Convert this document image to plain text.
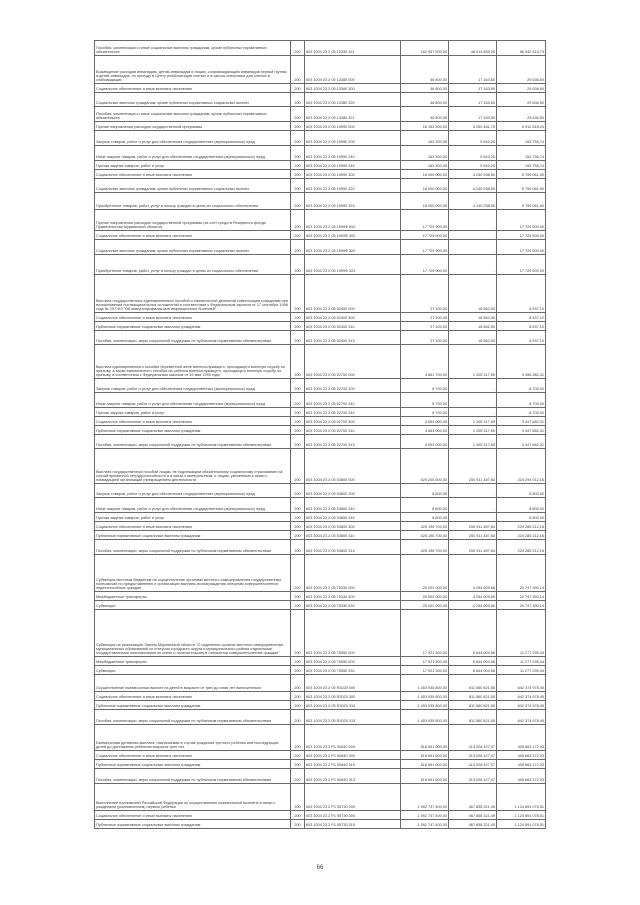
Пособия, компенсации и иные социальные выплаты гражданам, кроме публичных нормативных обязательств	200	603 1004 23 2 05 13330 321	162 957 500,00	48 014 855,26	56 942 514,74
Возмещение расходов инвалидам, детям-инвалидам и лицам, сопровождающим инвалидов первой группы и детей-инвалидов, по проезду в Центр реабилитации слепых и в школы-интернаты для слепых и слабовидящих	200	603 1004 23 2 05 13380 000	46 800,00	17 163,50	29 636,50
Социальное обеспечение и иные выплаты населению	200	603 1004 23 2 05 13380 300	46 800,00	17 163,50	29 636,50
Социальные выплаты гражданам, кроме публичных нормативных социальных выплат	200	603 1004 23 2 05 13380 320	46 800,00	17 163,50	29 636,50
Пособия, компенсации и иные социальные выплаты гражданам, кроме публичных нормативных обязательств	200	603 1004 23 2 05 13380 321	46 800,00	17 163,50	29 636,50
Прочие направления расходов государственной программы	200	603 1004 23 2 05 19990 000	18 163 300,00	4 250 481,76	5 912 818,24
Закупка товаров, работ и услуг для обеспечения государственных (муниципальных) нужд	200	603 1004 23 2 05 19990 200	163 300,00	9 543,26	153 756,74
Иные закупки товаров, работ и услуг для обеспечения государственных (муниципальных) нужд	200	603 1004 23 2 05 19990 240	163 300,00	9 543,26	153 756,74
Прочая закупка товаров, работ и услуг	200	603 1004 23 2 05 19990 244	163 300,00	9 543,26	153 756,74
Социальное обеспечение и иные выплаты населению	200	603 1004 23 2 05 19990 300	18 000 000,00	4 240 938,50	5 759 061,50
Социальные выплаты гражданам, кроме публичных нормативных социальных выплат	200	603 1004 23 2 05 19990 320	18 000 000,00	4 240 938,50	5 759 061,50
Приобретение товаров, работ, услуг в пользу граждан в целях их социального обеспечения	200	603 1004 23 2 05 19990 323	18 000 000,00	4 240 938,50	5 759 061,50
Прочие направления расходов государственной программы (за счет средств Резервного фонда Правительства Мурманской области)	200	603 1004 23 2 05 1999Ф 000	17 729 900,00	-	17 729 900,00
Социальное обеспечение и иные выплаты населению	200	603 1004 23 2 05 1999Ф 300	17 729 900,00	-	17 729 900,00
Социальные выплаты гражданам, кроме публичных нормативных социальных выплат	200	603 1004 23 2 05 1999Ф 320	17 729 900,00	-	17 729 900,00
Приобретение товаров, работ, услуг в пользу граждан в целях их социального обеспечения	200	603 1004 23 2 05 1999Ф 323	17 729 900,00	-	17 729 900,00
Выплата государственных единовременных пособий и ежемесячной денежной компенсации гражданам при возникновении поствакцинальных осложнений в соответствии с Федеральным законом от 17 сентября 1998 года № 157-ФЗ "Об иммунопрофилактике инфекционных болезней"	200	603 1004 23 2 05 52400 000	27 100,00	18 562,90	8 537,10
Социальное обеспечение и иные выплаты населению	200	603 1004 23 2 05 52400 300	27 100,00	18 562,90	8 537,10
Публичные нормативные социальные выплаты гражданам	200	603 1004 23 2 05 52400 310	27 100,00	18 562,90	8 537,10
Пособия, компенсации, меры социальной поддержки по публичным нормативным обязательствам	200	603 1004 23 2 05 52400 313	27 100,00	18 562,90	8 537,10
Выплата единовременного пособия беременной жене военнослужащего, проходящего военную службу по призыву, а также ежемесячного пособия на ребенка военнослужащего, проходящего военную службу по призыву, в соответствии с Федеральным законом от 19 мая 1995 года	200	603 1004 23 2 05 52700 000	4 661 700,00	1 205 317,69	3 456 382,31
Закупка товаров, работ и услуг для обеспечения государственных (муниципальных) нужд	200	603 1004 23 2 05 52700 200	8 700,00	-	8 700,00
Иные закупки товаров, работ и услуг для обеспечения государственных (муниципальных) нужд	200	603 1004 23 2 05 52700 240	8 700,00	-	8 700,00
Прочая закупка товаров, работ и услуг	200	603 1004 23 2 05 52700 244	8 700,00	-	8 700,00
Социальное обеспечение и иные выплаты населению	200	603 1004 23 2 05 52700 300	4 653 000,00	1 205 317,69	3 447 682,31
Публичные нормативные социальные выплаты гражданам	200	603 1004 23 2 05 52700 310	4 653 000,00	1 205 317,69	3 447 682,31
Пособия, компенсации, меры социальной поддержки по публичным нормативным обязательствам	200	603 1004 23 2 05 52700 313	4 653 000,00	1 205 317,69	3 447 682,31
Выплата государственных пособий лицам, не подлежащим обязательному социальному страхованию на случай временной нетрудоспособности и в связи с материнством, и лицам, уволенным в связи с ликвидацией организаций (прекращением деятельности	200	603 1004 23 2 05 53800 000	425 205 500,00	200 911 487,64	224 294 012,16
Закупка товаров, работ и услуг для обеспечения государственных (муниципальных) нужд	200	603 1004 23 2 05 53800 200	8 800,00	-	8 800,00
Иные закупки товаров, работ и услуг для обеспечения государственных (муниципальных) нужд	200	603 1004 23 2 05 53800 240	8 800,00	-	8 800,00
Прочая закупка товаров, работ и услуг	200	603 1004 23 2 05 53800 244	8 800,00	-	8 800,00
Социальное обеспечение и иные выплаты населению	200	603 1004 23 2 05 53800 300	425 196 700,00	200 911 487,64	224 285 212,16
Публичные нормативные социальные выплаты гражданам	200	603 1004 23 2 05 53800 310	425 196 700,00	200 911 487,64	224 285 212,16
Пособия, компенсации, меры социальной поддержки по публичным нормативным обязательствам	200	603 1004 23 2 05 53800 313	425 196 700,00	200 911 487,64	224 285 212,16
Субвенция местным бюджетам на осуществление органами местного самоуправления государственных полномочий по предоставлению и организации выплаты вознаграждения опекунам совершеннолетних недееспособных граждан	200	603 1004 23 2 05 75330 000	25 002 000,00	4 254 609,66	20 747 390,14
Межбюджетные трансферты	200	603 1004 23 2 05 75330 500	25 002 000,00	4 254 609,66	20 747 390,14
Субвенции	200	603 1004 23 2 05 75330 530	25 002 000,00	4 254 609,66	20 747 390,14
Субвенция на реализацию Закона Мурманской области "О наделении органов местного самоуправления муниципальных образований со статусом городского округа и муниципального района отдельными государственными полномочиями по опеке и попечительству в отношении совершеннолетних граждан"	200	603 1004 23 2 05 75550 000	17 921 300,00	6 644 004,56	11 277 295,44
Межбюджетные трансферты	200	603 1004 23 2 05 75550 500	17 921 300,00	6 644 004,56	11 277 295,44
Субвенции	200	603 1004 23 2 05 75550 530	17 921 300,00	6 644 004,56	11 277 295,44
Осуществление ежемесячных выплат на детей в возрасте от трех до семи лет включительно	200	603 1004 23 2 05 R3020 000	1 453 935 800,00	811 560 821,55	642 374 978,45
Социальное обеспечение и иные выплаты населению	200	603 1004 23 2 05 R3020 300	1 453 935 800,00	811 560 821,55	642 374 978,45
Публичные нормативные социальные выплаты гражданам	200	603 1004 23 2 05 R3020 310	1 453 935 800,00	811 560 821,55	642 374 978,45
Пособия, компенсации, меры социальной поддержки по публичным нормативным обязательствам	200	603 1004 23 2 05 R3020 313	1 453 935 800,00	811 560 821,55	642 374 978,45
Ежемесячная денежная выплата, назначаемая в случае рождения третьего ребенка или последующих детей до достижения ребенком возраста трех лет	200	603 1004 23 2 P1 50840 000	818 691 600,00	413 028 427,07	405 663 172,93
Социальное обеспечение и иные выплаты населению	200	603 1004 23 2 P1 50840 300	818 691 600,00	413 028 427,07	405 663 172,93
Публичные нормативные социальные выплаты гражданам	200	603 1004 23 2 P1 50840 310	818 691 600,00	413 028 427,07	405 663 172,93
Пособия, компенсации, меры социальной поддержки по публичным нормативным обязательствам	200	603 1004 23 2 P1 50840 313	818 691 600,00	413 028 427,07	405 663 172,93
Выполнение полномочий Российской Федерации по осуществлению ежемесячной выплаты в связи с рождением (усыновлением) первого ребенка	200	603 1004 23 2 P1 55730 000	1 592 747 400,00	467 858 321,49	1 124 891 078,51
Социальное обеспечение и иные выплаты населению	200	603 1004 23 2 P1 55730 300	1 592 747 400,00	467 858 321,49	1 124 891 078,51
Публичные нормативные социальные выплаты гражданам	200	603 1004 23 2 P1 55730 310	1 592 747 400,00	467 858 321,49	1 124 891 078,51
66
